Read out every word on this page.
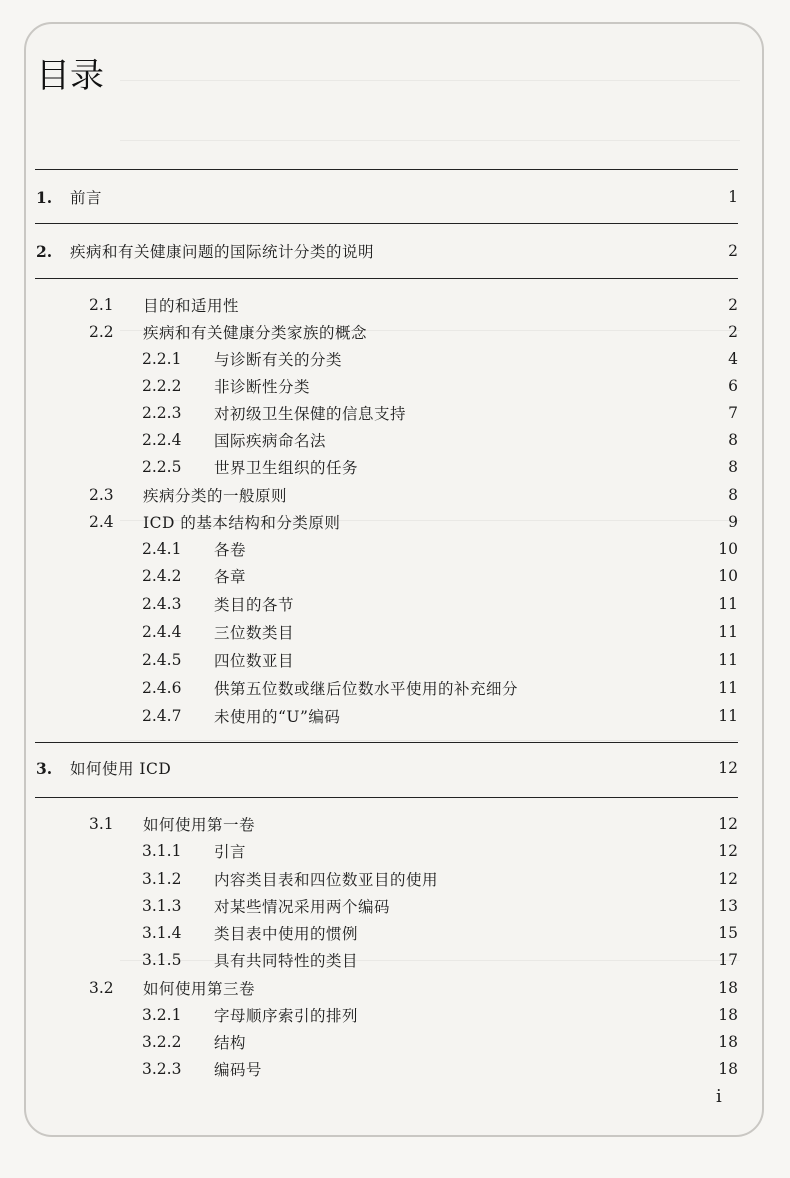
目录
1.	前言	1
2.	疾病和有关健康问题的国际统计分类的说明	2
2.1	目的和适用性	2
2.2	疾病和有关健康分类家族的概念	2
2.2.1	与诊断有关的分类	4
2.2.2	非诊断性分类	6
2.2.3	对初级卫生保健的信息支持	7
2.2.4	国际疾病命名法	8
2.2.5	世界卫生组织的任务	8
2.3	疾病分类的一般原则	8
2.4	ICD 的基本结构和分类原则	9
2.4.1	各卷	10
2.4.2	各章	10
2.4.3	类目的各节	11
2.4.4	三位数类目	11
2.4.5	四位数亚目	11
2.4.6	供第五位数或继后位数水平使用的补充细分	11
2.4.7	未使用的“U”编码	11
3.	如何使用 ICD	12
3.1	如何使用第一卷	12
3.1.1	引言	12
3.1.2	内容类目表和四位数亚目的使用	12
3.1.3	对某些情况采用两个编码	13
3.1.4	类目表中使用的惯例	15
3.1.5	具有共同特性的类目	17
3.2	如何使用第三卷	18
3.2.1	字母顺序索引的排列	18
3.2.2	结构	18
3.2.3	编码号	18
i
